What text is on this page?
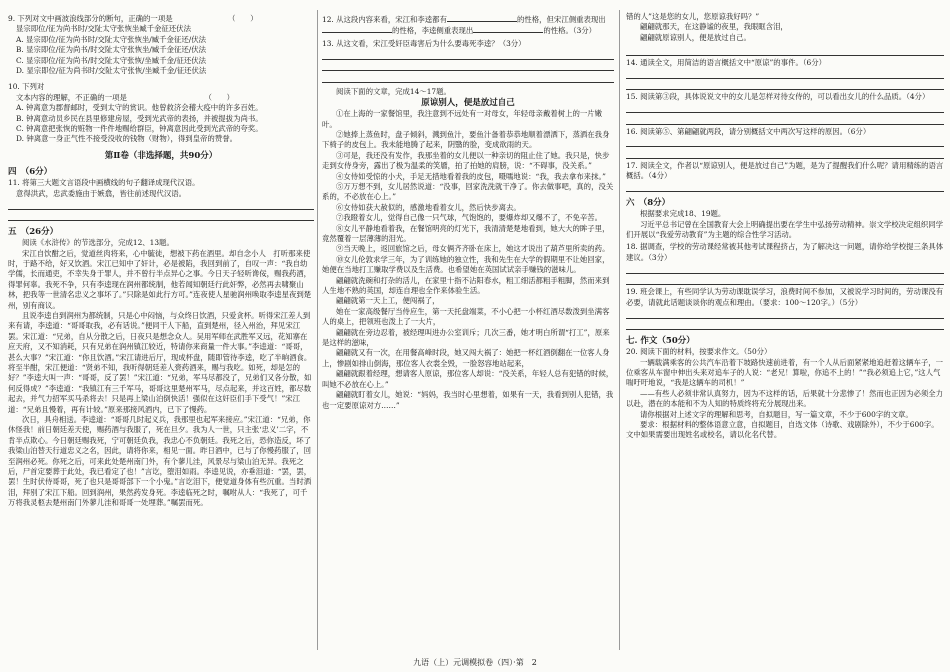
9. 下列对文中画波浪线部分的断句，正确的一项是　　　　　　　　（　　）

显宗即位/征为尚书时/交阯太守张恢坐臧千金征还伏法

A. 显宗即位/征为尚书时/交阯太守张恢坐/臧千金征还/伏法

B. 显宗即位/征为尚书/时交阯太守张恢坐/臧千金征还/伏法

C. 显宗即位/征为尚书/时交阯太守张恢/坐臧千金/征还伏法

D. 显宗即位/征为尚书时/交阯太守张恢/坐臧千金/征还伏法

10. 下列对

文本内容的理解，不正确的一项是　　　　　　　　　　　（　　）

A. 钟离意为郡督邮时，受到太守的赏识。他曾救济会稽大疫中的许多百姓。

B. 钟离意动员乡民在县里修建房屋，受到光武帝的表扬，并被提拔为尚书。

C. 钟离意把张恢的赃物一件件地赐给群臣，钟离意因此受到光武帝的夸奖。

D. 钟离意一身正气性不接受没收的钱物（财物），得到皇帝的赞誉。

第Ⅱ卷（非选择题，共90分）

四　（6分）

11. 将第三大题文言语段中画横线的句子翻译成现代汉语。

意得洪武，忠武委施由于嫉翕，皆往前述现代汉语。

五　（26分）

阅读《水浒传》的节选部分，完成12、13题。

宋江自饮酣之后，觉道丝肉将来，心中毓徒，想被下药在酒里。却自念小人　打听那来使时，于路不给，好又饮酒。宋江已知中了奸计，必是被陷，我回到前了，自叹一声：“我自幼学儒，长而通吏，不幸失身于罪人，并不曾行半点异心之事。今日天子轻听谗佞，赐我药酒，得罪何辜。我死不争，只有李逵现在润州都统制，他若闻知朝廷行此奸弊，必然再去啸聚山林，把我等一世清名忠义之事坏了。”只除是如此行方可。”连夜使人星驰润州唤取李逵星夜到楚州，别有商议。

且说李逵自到润州为都统制，只是心中闷恼，与众终日饮酒，只爱贪杯。听得宋江差人到来有请，李逵道：“哥哥取我，必有话说。”便同干人下船，直到楚州，径入州治，拜见宋江罢。宋江道：“兄弟，自从分散之后，日夜只是想念众人。吴用军师在武胜军又远，花知寨在应天府，又不知消耗，只有兄弟在润州镇江较近，特请你来商量一件大事。”李逵道：“哥哥，甚么大事？”宋江道：“你且饮酒。”宋江请进后厅，现成杯盘，随即管待李逵，吃了半晌酒食。将至半酣，宋江便道：“贤弟不知，我听得朝廷差人赍药酒来，赐与我吃。如死，却是怎的好？”李逵大叫一声：“哥哥，反了罢！”宋江道：“兄弟，军马尽都没了，兄弟们又各分散，如何反得成？”李逵道：“我镇江有三千军马，哥哥这里楚州军马，尽点起来，并这百姓，都尽数起去，并气力招军买马杀将去！只是再上梁山泊倒快活！强似在这奸臣们手下受气！”宋江道：“兄弟且慢着，再有计较。”原来那接风酒内，已下了慢药。

次日，具舟相送。李逵道：“哥哥几时起义兵，我那里也起军来接应。”宋江道：“兄弟，你休怪我！前日朝廷差天使，赐药酒与我服了，死在旦夕。我为人一世，只主张‘忠义’二字，不肯半点欺心。今日朝廷赐我死，宁可朝廷负我，我忠心不负朝廷。我死之后，恐你造反，坏了我梁山泊替天行道忠义之名，因此，请将你来，相见一面。昨日酒中，已与了你慢药服了，回至润州必死。你死之后，可来此处楚州南门外，有个蓼儿洼，风景尽与梁山泊无异。我死之后，尸首定要葬于此处，我已看定了也！”言讫，堕泪如雨。李逵见说，亦垂泪道：“罢，罢，罢！生时伏侍哥哥，死了也只是哥哥部下一个小鬼。”言讫泪下，便觉道身体有些沉重。当时洒泪，拜别了宋江下船。回到润州，果然药发身死。李逵临死之时，嘱咐从人：“我死了，可千万将我灵柩去楚州南门外蓼儿洼和哥哥一处埋葬。”嘱罢而死。

12. 从这段内容来看，宋江和李逵都有	的性格，但宋江侧重表现出

的性格，李逵侧重表现出	的性格。（3分）

13. 从这文看，宋江受奸臣毒害后为什么要毒死李逵？（3分）

阅读下面的文章，完成14～17题。

原谅别人，便是放过自己

①在上海的一家餐馆里，我注意到不远处有一对母女，年轻母亲戴着树上的一片嫩叶。

②她捧上蒸鱼时，盘子倾斜，溅到鱼汁，要鱼汁备着恭恭地顺着漂洒下，蒸洒在我身下椅子的皮包上。我未能地腾了起来，阴翳的脸，变成欲雨的天。

③可是，我还没有发作，我那坐着的女儿便以一种亲切的阻止住了她。我只是，快步走到女侍身旁，露出了极为温柔的笑靥，拍了拍她的肩膀，说：“不碍事，没关系。”

④女侍如受惊的小犬，手足无措地看着我的皮包，嗫嚅地说：“我，我去拿布来抹。”

⑤万万想不到，女儿居然说道：“没事，回家洗洗就干净了。你去做事吧，真的，没关系的，不必放在心上。”

⑥女侍如获大赦似的，感激地看着女儿，然后快步离去。

⑦我瞪着女儿，觉得自己像一只气球，气饱饱的，要爆炸却又爆不了，不免辛苦。

⑧女儿平静地看着我，在餐馆明亮的灯光下，我清清楚楚地看到，她大大的眸子里，竟然覆着一层薄薄的泪光。

⑨当天晚上，返回旅馆之后，母女俩齐齐卧在床上，她这才说出了葫芦里所卖的药。

⑩女儿伦敦求学三年，为了训练她的独立性，我和先生在大学的假期里不让她回家，她便在当地打工赚取学费以及生活费。也希望她在英国试试亲手赚钱的滋味儿。

翩翩就洗碗和打杂的活儿，在家里十指不沾阳春水，粗工细活都粗手粗脚，然而来到人生地不熟的英国，却连自理也全作来体验生活。

翩翩就第一天上工，便闯祸了，

她在一家高级餐厅当侍应生，第一天托盘端菜，不小心把一小杯红酒尽数泼到坐满客人的桌上，把领班也泼上了一大片，

翩翩就在旁边忍着，被经理叫进办公室训斥；几次三番，她才明白所谓“打工”，原来是这样的滋味，

翩翩就又有一次，在用餐高峰时段，她又闯大祸了：她把一杯红酒倒翻在一位客人身上，惨剧如排山倒海，那位客人衣裳全毁，一脸怒容地站起来，

翩翩就跟着经理，想请客人原谅，那位客人却说：“没关系，年轻人总有犯错的时候，叫她不必放在心上。”

翩翩就盯着女儿，她说：“妈妈，我当时心里想着，如果有一天，我看到别人犯错，我也一定要原谅对方……”

错的人”这是您的女儿，您原谅我好吗？”

翩翩就那天，在这静谧的夜里，我眼眶含泪，

翩翩就原谅别人，便是放过自己。

14. 通读全文，用简洁的语言概括文中“原谅”的事件。（6分）

15. 阅读第③段，具体说说文中的女儿是怎样对待女侍的，可以看出女儿的什么品质。（4分）

16. 阅读第⑤、第翩翩就两段，请分别概括文中两次写这样的原因。（6分）

17. 阅读全文，作者以“原谅别人，便是放过自己”为题，是为了提醒我们什么呢？请用精练的语言概括。（4分）

六　（8分）

根据要求完成18、19题。

习近平总书记曾在全国教育大会上明确提出要在学生中弘扬劳动精神。崇文学校决定组织同学们开展以“我爱劳动教育”为主题的综合性学习活动。

18. 据调查，学校的劳动课经常被其他考试课程挤占，为了解决这一问题，请你给学校提三条具体建议。（3分）

19. 班会课上，有些同学认为劳动课耽误学习，浪费时间不参加，又被说学习时间的，劳动课没有必要，请就此话题谈谈你的观点和理由。（要求：100～120字。）（5分）

七. 作文（50分）

20. 阅读下面的材料，按要求作文。（50分）

一辆载满乘客的公共汽车沿着下坡路快速前进着，有一个人从后面紧紧地追赶着这辆车子，一位乘客从车窗中伸出头来对追车子的人说：“老兄！算啦，你追不上的！”“我必须追上它，”这人气喘吁吁地说，“我是这辆车的司机！”

——有些人必须非常认真努力，因为不这样的话，后果就十分悲惨了！然而也正因为必须全力以赴，潜在的本能和不为人知的特质终将充分展现出来。

请你根据对上述文字的理解和思考，自拟题目，写一篇文章，不少于600字的文章。

要求：根据材料的整体语意立意，自拟题目，自选文体（诗歌、戏剧除外），不少于600字。文中如果需要出现姓名或校名，请以化名代替。

九语（上）元调模拟卷（四）·第　2
